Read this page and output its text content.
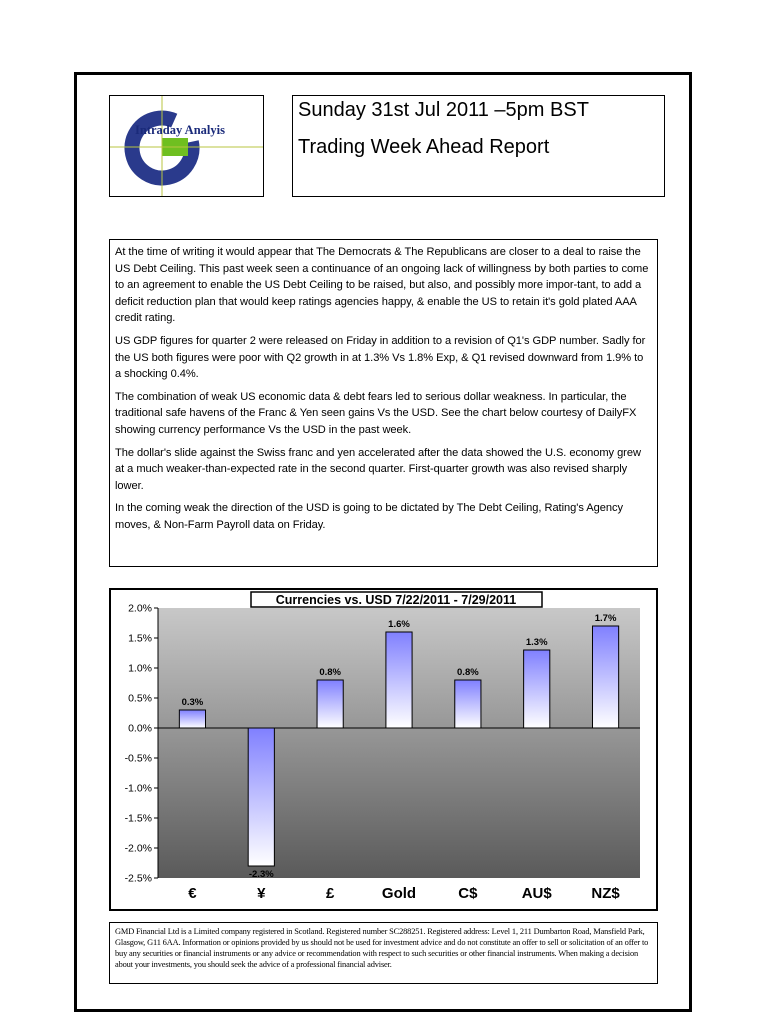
Intraday Analyis
Sunday 31st Jul 2011 –5pm BST
Trading Week Ahead Report

At the time of writing it would appear that The Democrats & The Republicans are closer to a deal to raise the US Debt Ceiling. This past week seen a continuance of an ongoing lack of willingness by both parties to come to an agreement to enable the US Debt Ceiling to be raised, but also, and possibly more impor-tant, to add a deficit reduction plan that would keep ratings agencies happy, & enable the US to retain it's gold plated AAA credit rating.

US GDP figures for quarter 2 were released on Friday in addition to a revision of Q1's GDP number. Sadly for the US both figures were poor with Q2 growth in at 1.3% Vs 1.8% Exp, & Q1 revised downward from 1.9% to a shocking 0.4%.

The combination of weak US economic data & debt fears led to serious dollar weakness. In particular, the traditional safe havens of the Franc & Yen seen gains Vs the USD. See the chart below courtesy of DailyFX showing currency performance Vs the USD in the past week.

The dollar's slide against the Swiss franc and yen accelerated after the data showed the U.S. economy grew at a much weaker-than-expected rate in the second quarter. First-quarter growth was also revised sharply lower.

In the coming weak the direction of the USD is going to be dictated by The Debt Ceiling, Rating's Agency moves, & Non-Farm Payroll data on Friday.

2.0%
1.5%
1.0%
0.5%
0.0%
-0.5%
-1.0%
-1.5%
-2.0%
-2.5%
0.3%
-2.3%
0.8%
1.6%
0.8%
1.3%
1.7%
€	¥	£	Gold	C$	AU$	NZ$
Currencies vs. USD 7/22/2011 - 7/29/2011

GMD Financial Ltd is a Limited company registered in Scotland. Registered number SC288251. Registered address: Level 1, 211 Dumbarton Road, Mansfield Park, Glasgow, G11 6AA. Information or opinions provided by us should not be used for investment advice and do not constitute an offer to sell or solicitation of an offer to buy any securities or financial instruments or any advice or recommendation with respect to such securities or other financial instruments. When making a decision about your investments, you should seek the advice of a professional financial adviser.
